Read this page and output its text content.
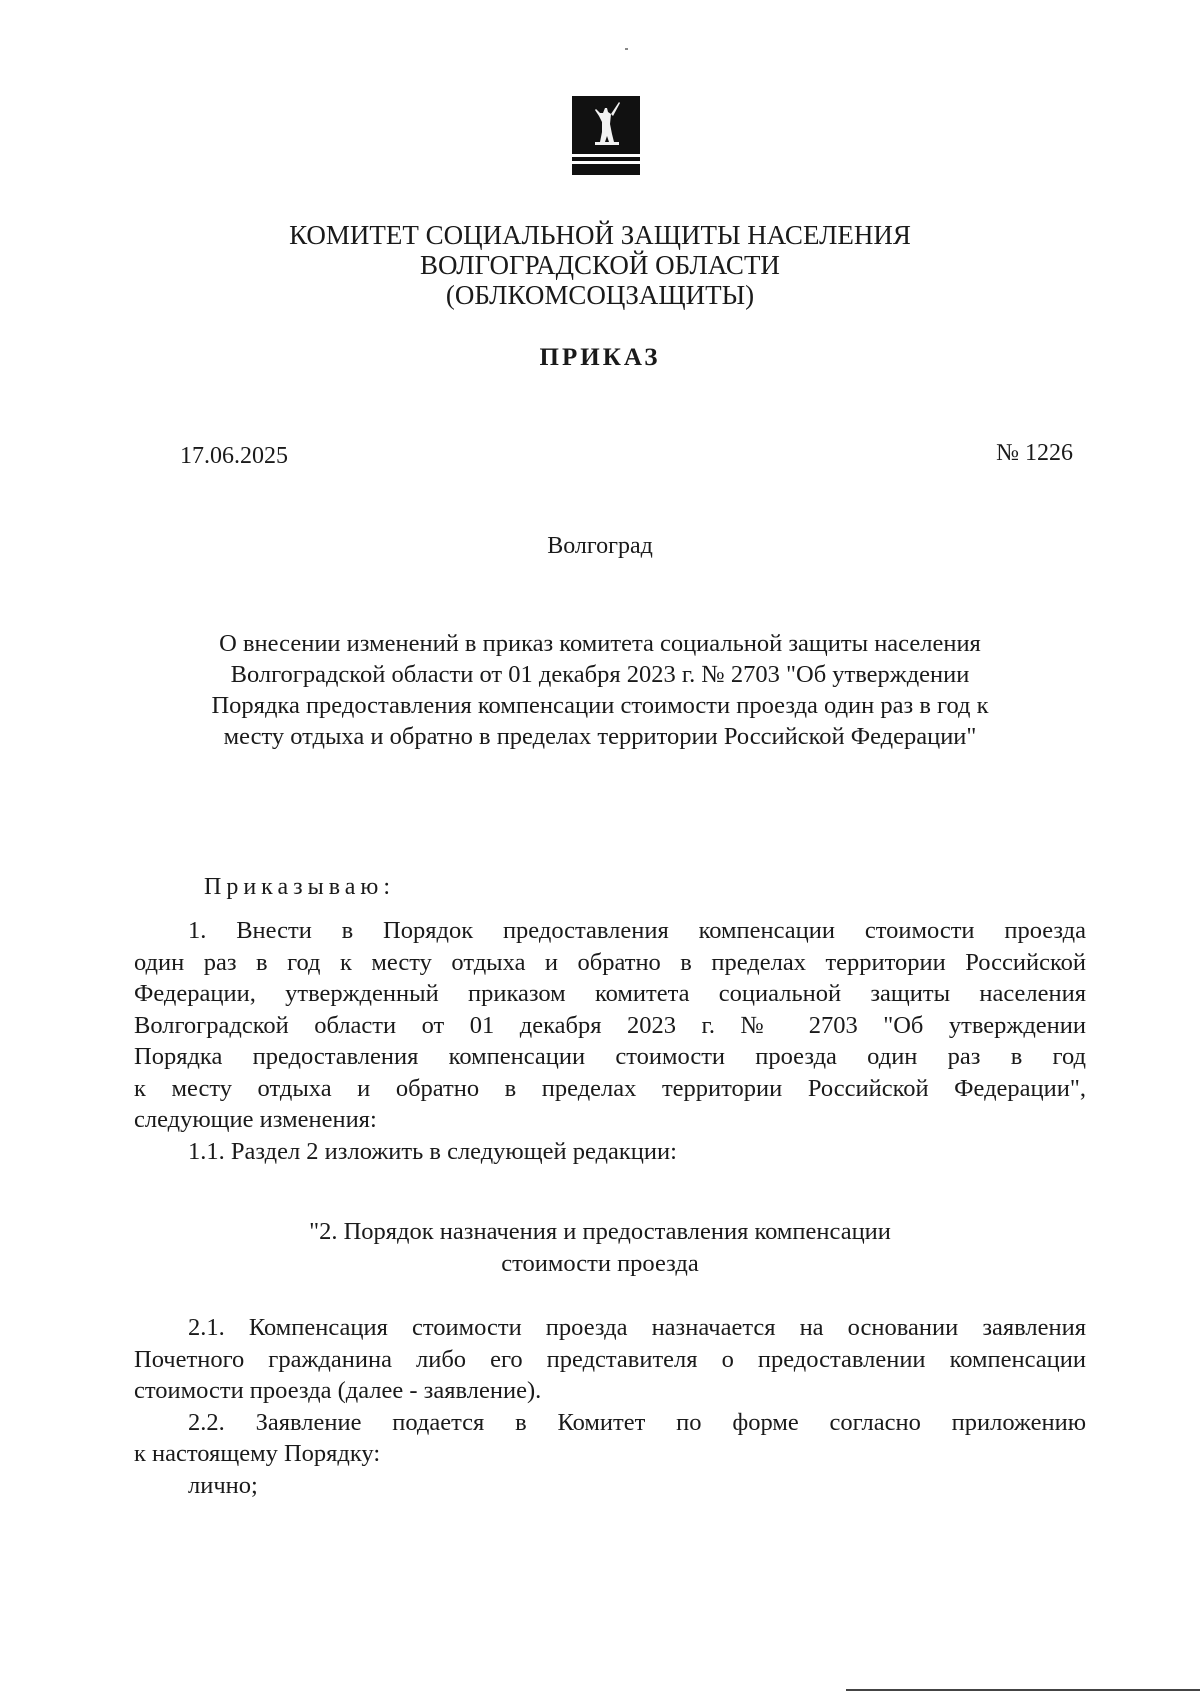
КОМИТЕТ СОЦИАЛЬНОЙ ЗАЩИТЫ НАСЕЛЕНИЯ
ВОЛГОГРАДСКОЙ ОБЛАСТИ
(ОБЛКОМСОЦЗАЩИТЫ)
ПРИКАЗ
17.06.2025	№ 1226
Волгоград
О внесении изменений в приказ комитета социальной защиты населения
Волгоградской области от 01 декабря 2023 г. № 2703 "Об утверждении
Порядка предоставления компенсации стоимости проезда один раз в год к
месту отдыха и обратно в пределах территории Российской Федерации"
Приказываю:
1. Внести в Порядок предоставления компенсации стоимости проезда
один раз в год к месту отдыха и обратно в пределах территории Российской
Федерации, утвержденный приказом комитета социальной защиты населения
Волгоградской области от 01 декабря 2023 г. № 2703 "Об утверждении
Порядка предоставления компенсации стоимости проезда один раз в год
к месту отдыха и обратно в пределах территории Российской Федерации",
следующие изменения:
1.1. Раздел 2 изложить в следующей редакции:
"2. Порядок назначения и предоставления компенсации
стоимости проезда
2.1. Компенсация стоимости проезда назначается на основании заявления
Почетного гражданина либо его представителя о предоставлении компенсации
стоимости проезда (далее - заявление).
2.2. Заявление подается в Комитет по форме согласно приложению
к настоящему Порядку:
лично;
